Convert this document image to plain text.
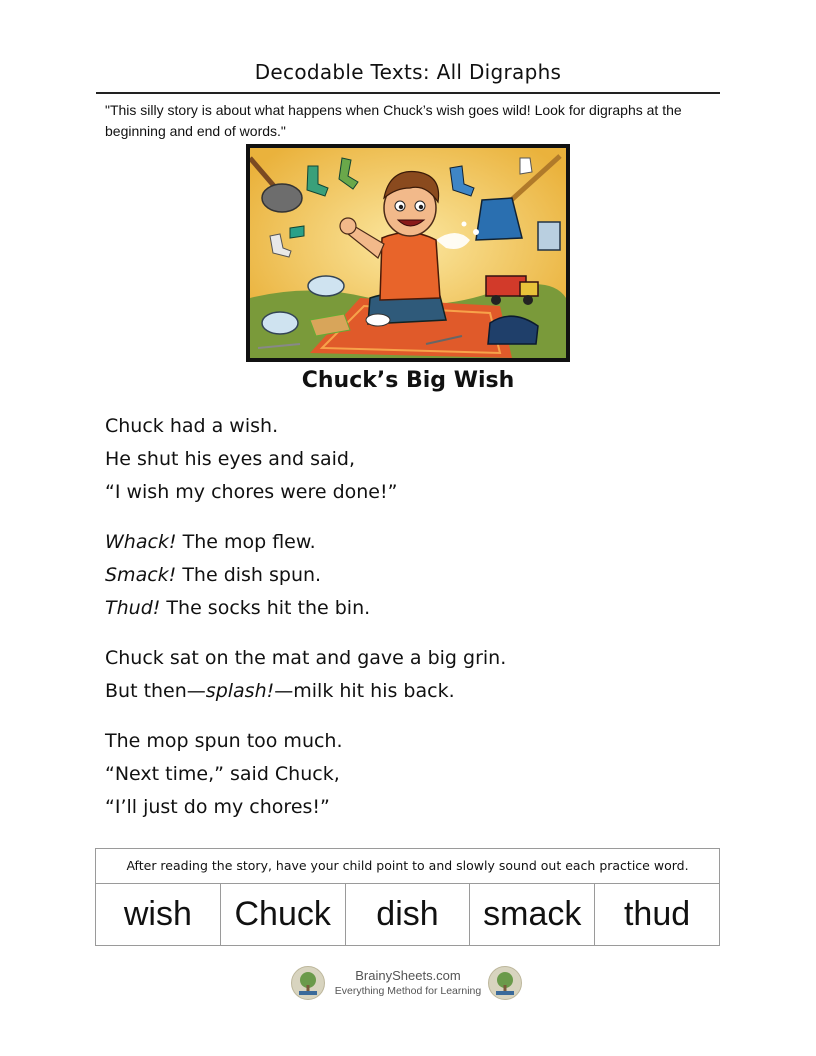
Decodable Texts: All Digraphs
"This silly story is about what happens when Chuck’s wish goes wild! Look for digraphs at the beginning and end of words."
Chuck’s Big Wish

Chuck had a wish.
He shut his eyes and said,
“I wish my chores were done!”

Whack! The mop flew.
Smack! The dish spun.
Thud! The socks hit the bin.

Chuck sat on the mat and gave a big grin.
But then—splash!—milk hit his back.

The mop spun too much.
“Next time,” said Chuck,
“I’ll just do my chores!”

After reading the story, have your child point to and slowly sound out each practice word.
wish	Chuck	dish	smack	thud
BrainySheets.com
Everything Method for Learning
